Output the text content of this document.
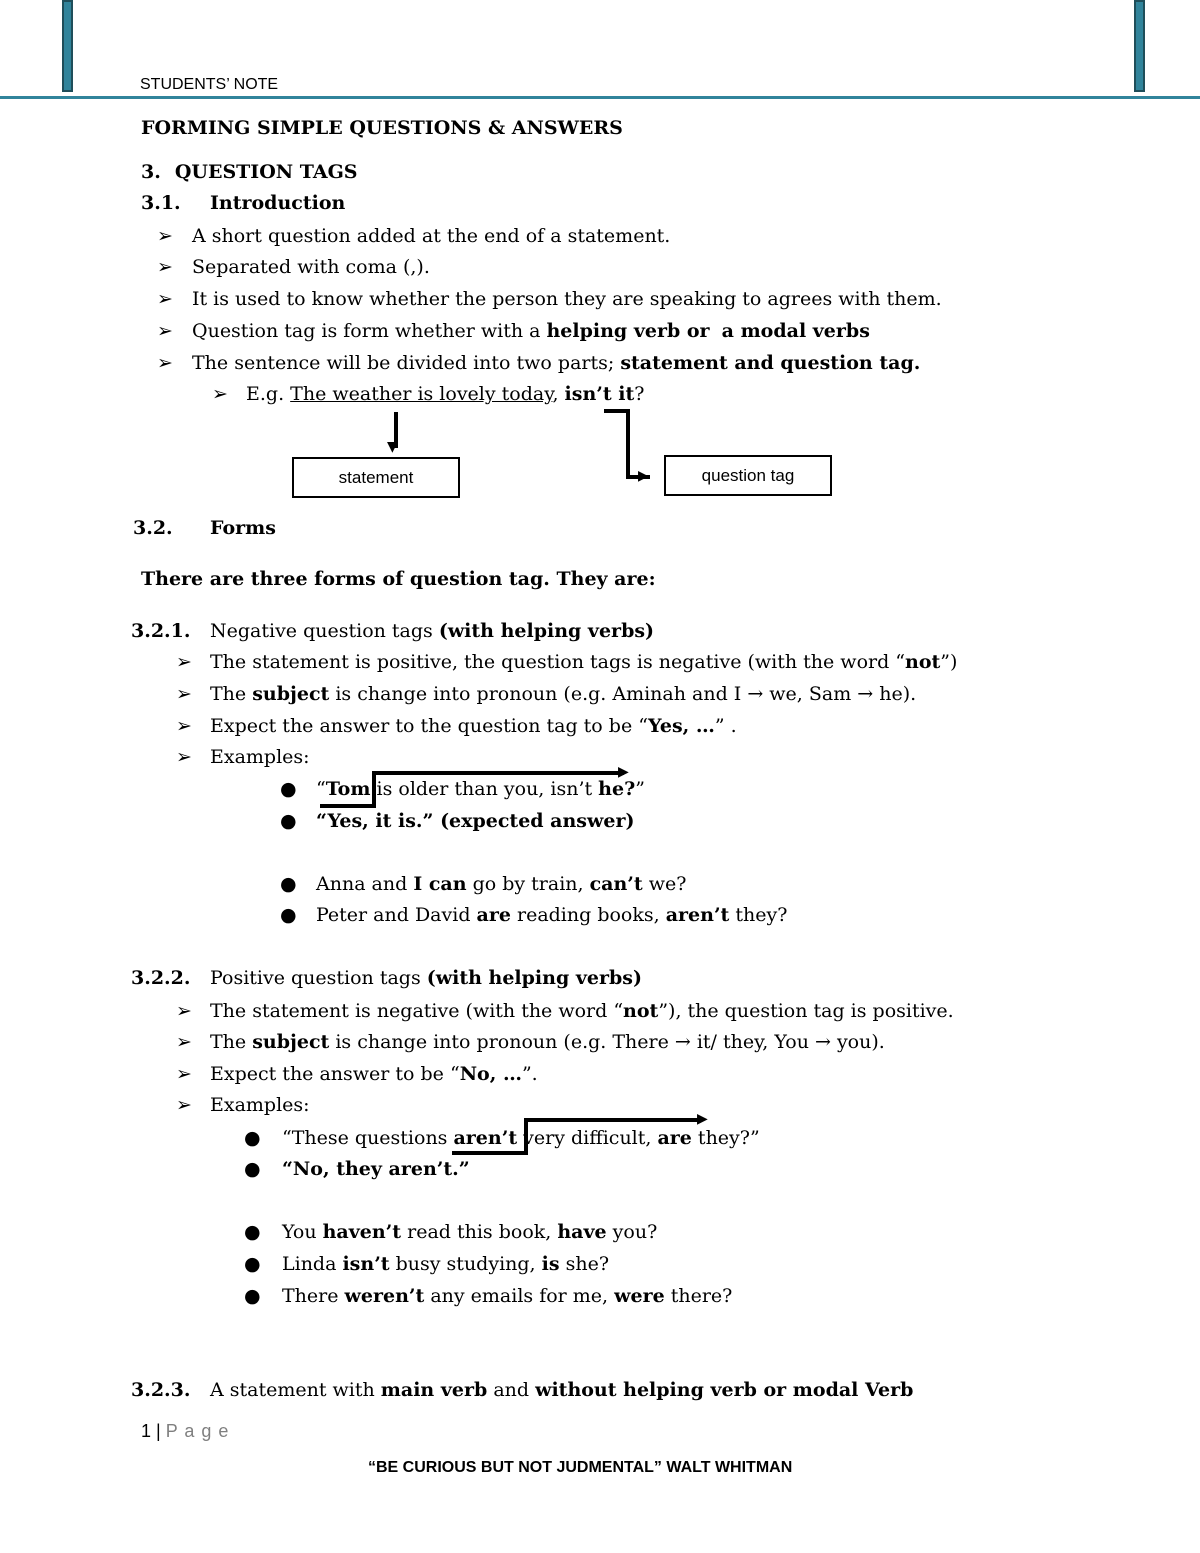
STUDENTS’ NOTE
FORMING SIMPLE QUESTIONS & ANSWERS
3. QUESTION TAGS
3.1. Introduction
➢ A short question added at the end of a statement.
➢ Separated with coma (,).
➢ It is used to know whether the person they are speaking to agrees with them.
➢ Question tag is form whether with a helping verb or a modal verbs
➢ The sentence will be divided into two parts; statement and question tag.
➢ E.g. The weather is lovely today, isn’t it?
▼
statement	▶	question tag
3.2. Forms
There are three forms of question tag. They are:
3.2.1. Negative question tags (with helping verbs)
➢ The statement is positive, the question tags is negative (with the word “not”)
➢ The subject is change into pronoun (e.g. Aminah and I → we, Sam → he).
➢ Expect the answer to the question tag to be “Yes, …” .
➢ Examples:
▶
● “Tom is older than you, isn’t he?”
● “Yes, it is.” (expected answer)
● Anna and I can go by train, can’t we?
● Peter and David are reading books, aren’t they?
3.2.2. Positive question tags (with helping verbs)
➢ The statement is negative (with the word “not”), the question tag is positive.
➢ The subject is change into pronoun (e.g. There → it/ they, You → you).
➢ Expect the answer to be “No, …”.
➢ Examples:
▶
● “These questions aren’t very difficult, are they?”
● “No, they aren’t.”
● You haven’t read this book, have you?
● Linda isn’t busy studying, is she?
● There weren’t any emails for me, were there?
3.2.3. A statement with main verb and without helping verb or modal Verb
1 | P a g e
“BE CURIOUS BUT NOT JUDMENTAL” WALT WHITMAN
